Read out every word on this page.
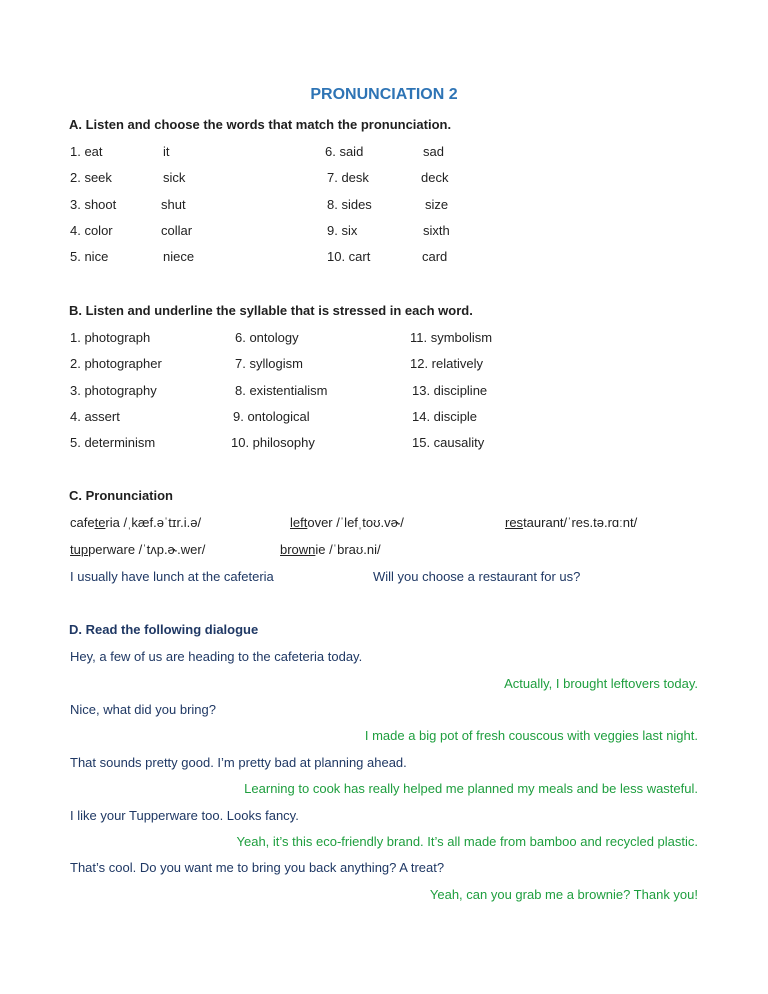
PRONUNCIATION 2
A. Listen and choose the words that match the pronunciation.
1. eat	it	6. said	sad
2. seek	sick	7. desk	deck
3. shoot	shut	8. sides	size
4. color	collar	9. six	sixth
5. nice	niece	10. cart	card
B. Listen and underline the syllable that is stressed in each word.
1. photograph	6. ontology	11. symbolism
2. photographer	7. syllogism	12. relatively
3. photography	8. existentialism	13. discipline
4. assert	9. ontological	14. disciple
5. determinism	10. philosophy	15. causality
C. Pronunciation
cafeteria /ˌkæf.əˈtɪr.i.ə/	leftover /ˈlefˌtoʊ.vɚ/	restaurant/ˈres.tə.rɑːnt/
tupperware /ˈtʌp.ɚ.wer/	brownie /ˈbraʊ.ni/
I usually have lunch at the cafeteria	Will you choose a restaurant for us?
D. Read the following dialogue
Hey, a few of us are heading to the cafeteria today.
Actually, I brought leftovers today.
Nice, what did you bring?
I made a big pot of fresh couscous with veggies last night.
That sounds pretty good. I’m pretty bad at planning ahead.
Learning to cook has really helped me planned my meals and be less wasteful.
I like your Tupperware too. Looks fancy.
Yeah, it’s this eco-friendly brand. It’s all made from bamboo and recycled plastic.
That’s cool. Do you want me to bring you back anything? A treat?
Yeah, can you grab me a brownie? Thank you!
